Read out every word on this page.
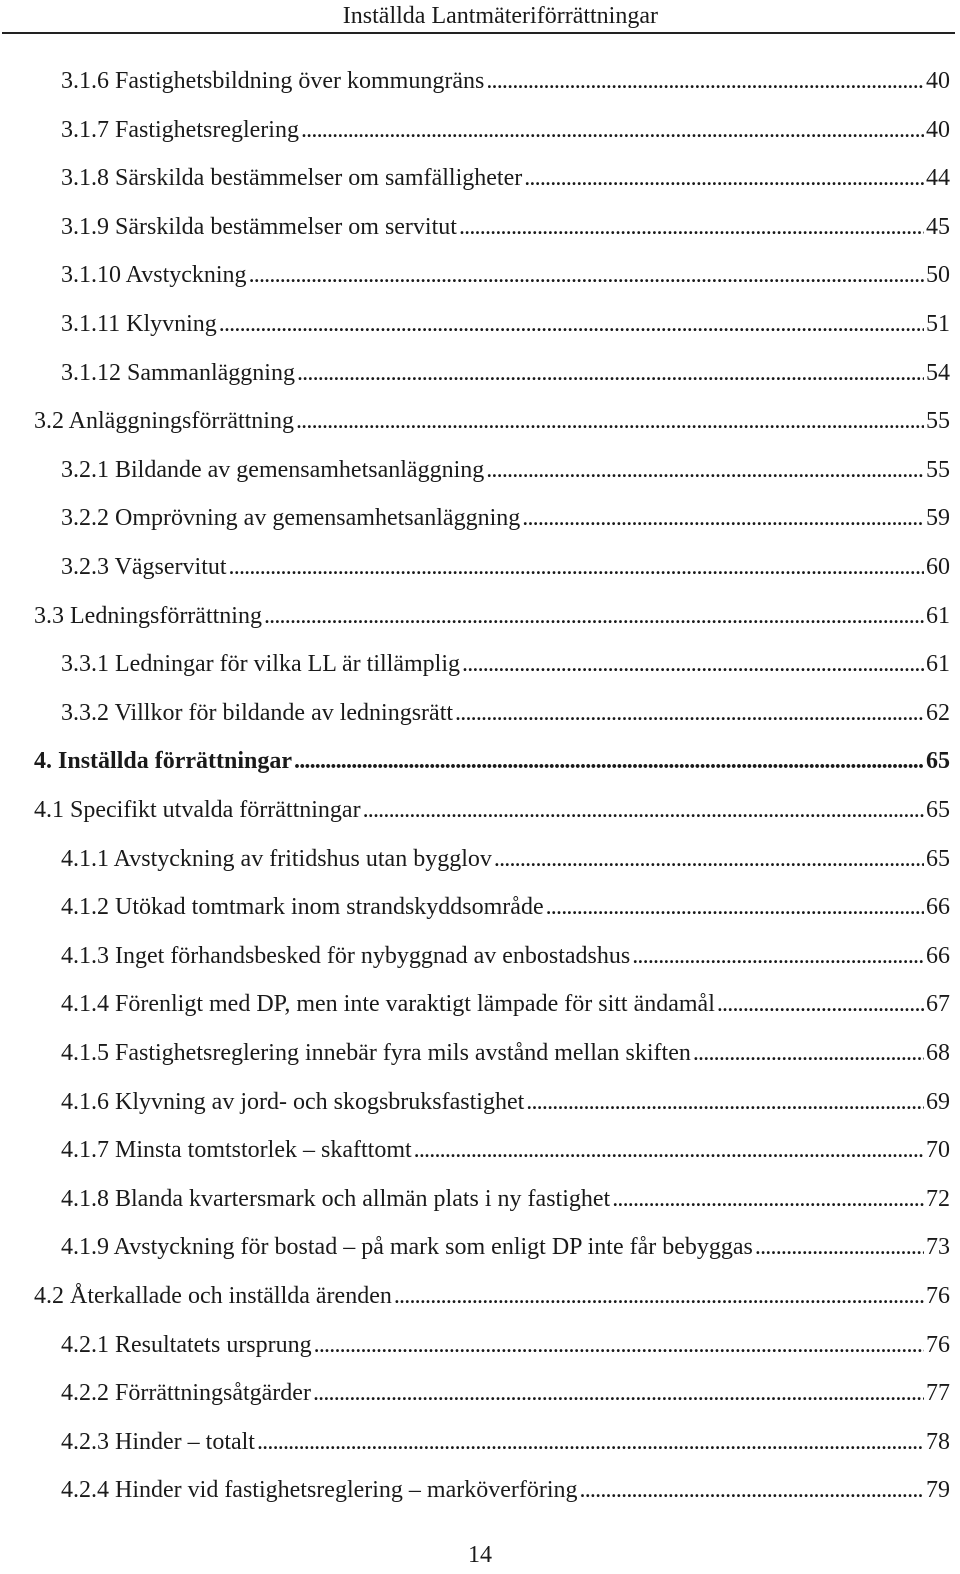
Inställda Lantmäteriförrättningar
3.1.6 Fastighetsbildning över kommungräns . . .	40
3.1.7 Fastighetsreglering . . .	40
3.1.8 Särskilda bestämmelser om samfälligheter . . .	44
3.1.9 Särskilda bestämmelser om servitut . . .	45
3.1.10 Avstyckning . . .	50
3.1.11 Klyvning . . .	51
3.1.12 Sammanläggning . . .	54
3.2 Anläggningsförrättning . . .	55
3.2.1 Bildande av gemensamhetsanläggning . . .	55
3.2.2 Omprövning av gemensamhetsanläggning . . .	59
3.2.3 Vägservitut . . .	60
3.3 Ledningsförrättning . . .	61
3.3.1 Ledningar för vilka LL är tillämplig . . .	61
3.3.2 Villkor för bildande av ledningsrätt . . .	62
4. Inställda förrättningar . . .	65
4.1 Specifikt utvalda förrättningar . . .	65
4.1.1 Avstyckning av fritidshus utan bygglov . . .	65
4.1.2 Utökad tomtmark inom strandskyddsområde . . .	66
4.1.3 Inget förhandsbesked för nybyggnad av enbostadshus . . .	66
4.1.4 Förenligt med DP, men inte varaktigt lämpade för sitt ändamål . . .	67
4.1.5 Fastighetsreglering innebär fyra mils avstånd mellan skiften . . .	68
4.1.6 Klyvning av jord- och skogsbruksfastighet . . .	69
4.1.7 Minsta tomtstorlek – skafttomt . . .	70
4.1.8 Blanda kvartersmark och allmän plats i ny fastighet . . .	72
4.1.9 Avstyckning för bostad – på mark som enligt DP inte får bebyggas . . .	73
4.2 Återkallade och inställda ärenden . . .	76
4.2.1 Resultatets ursprung . . .	76
4.2.2 Förrättningsåtgärder . . .	77
4.2.3 Hinder – totalt . . .	78
4.2.4 Hinder vid fastighetsreglering – marköverföring . . .	79
14
